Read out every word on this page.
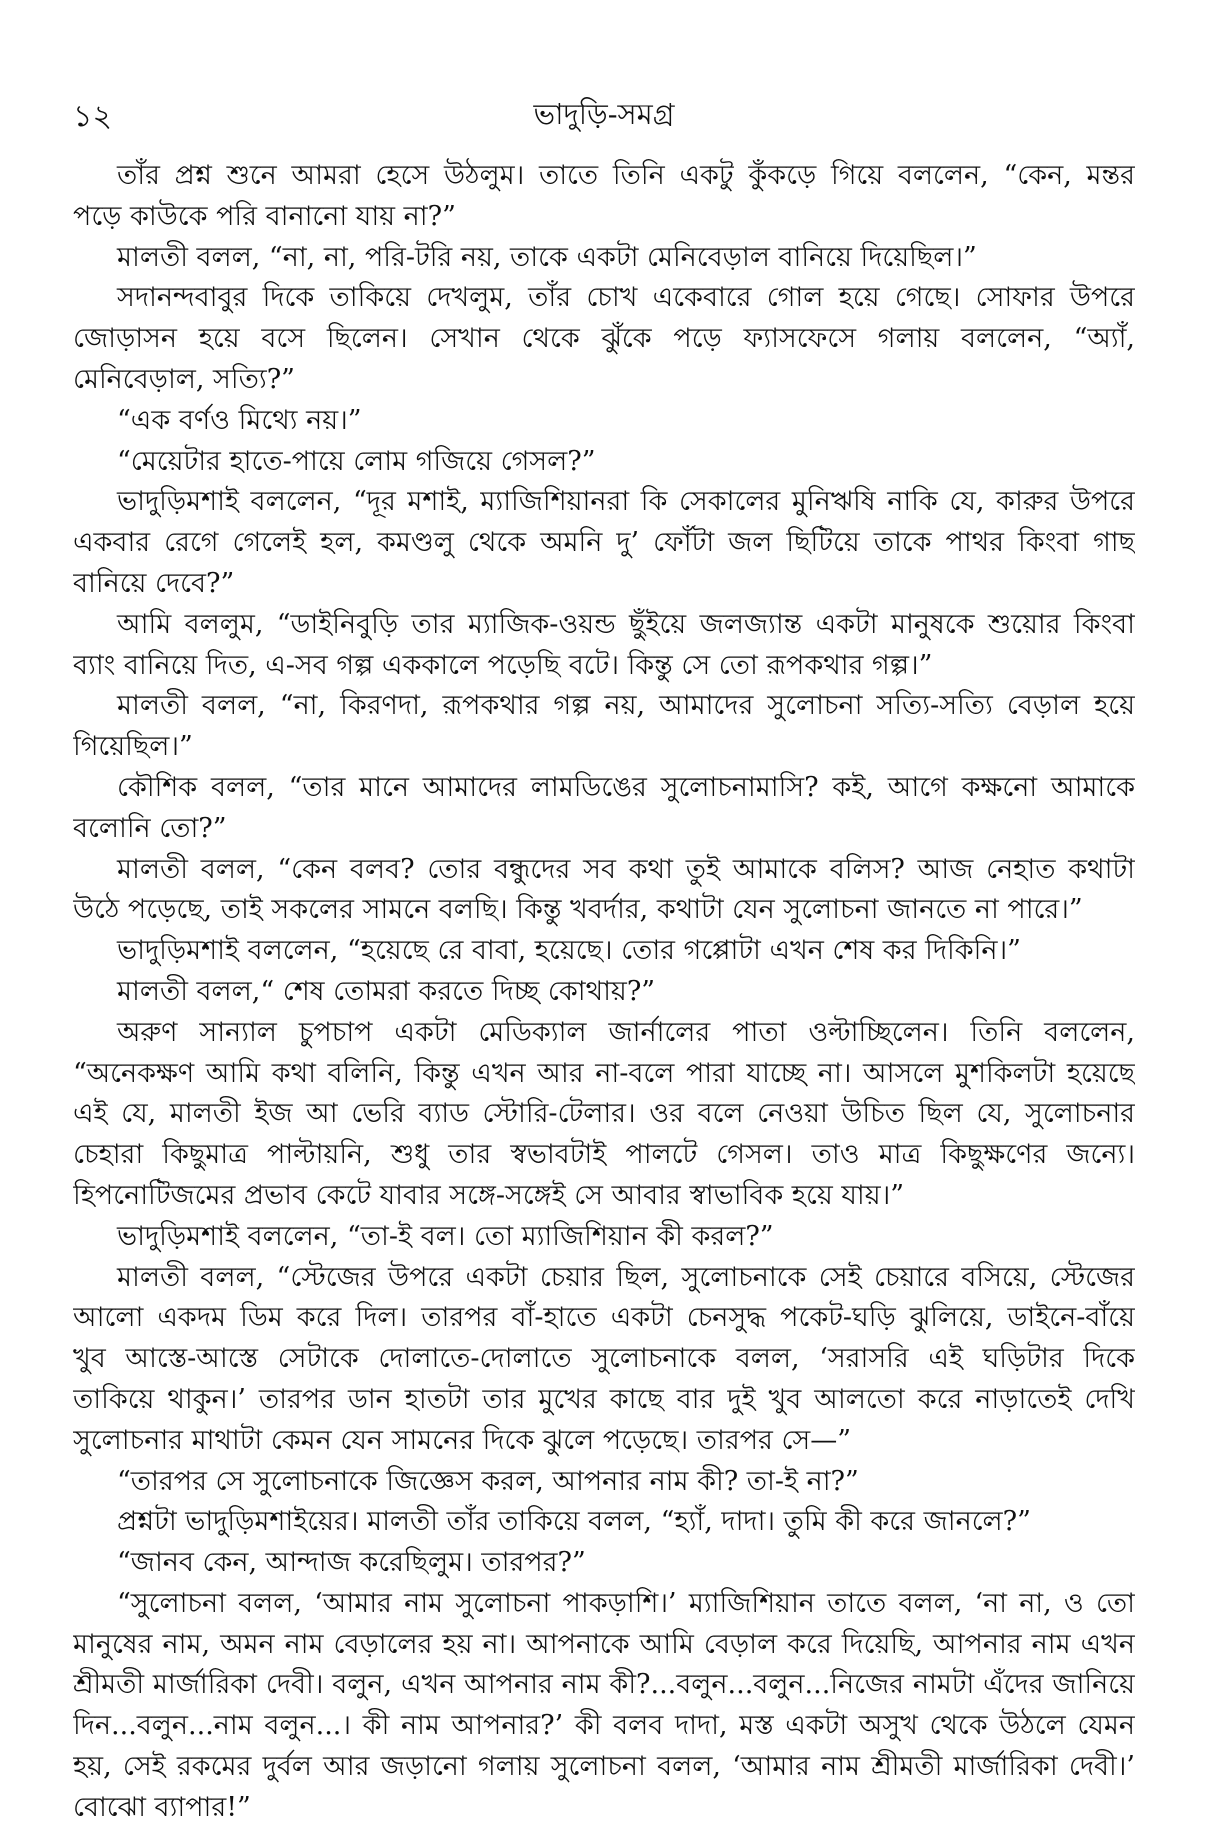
১২	ভাদুড়ি-সমগ্র
তাঁর প্রশ্ন শুনে আমরা হেসে উঠলুম। তাতে তিনি একটু কুঁকড়ে গিয়ে বললেন, “কেন, মন্তর
পড়ে কাউকে পরি বানানো যায় না?”
মালতী বলল, “না, না, পরি-টরি নয়, তাকে একটা মেনিবেড়াল বানিয়ে দিয়েছিল।”
সদানন্দবাবুর দিকে তাকিয়ে দেখলুম, তাঁর চোখ একেবারে গোল হয়ে গেছে। সোফার উপরে
জোড়াসন হয়ে বসে ছিলেন। সেখান থেকে ঝুঁকে পড়ে ফ্যাসফেসে গলায় বললেন, “অ্যাঁ,
মেনিবেড়াল, সত্যি?”
“এক বর্ণও মিথ্যে নয়।”
“মেয়েটার হাতে-পায়ে লোম গজিয়ে গেসল?”
ভাদুড়িমশাই বললেন, “দূর মশাই, ম্যাজিশিয়ানরা কি সেকালের মুনিঋষি নাকি যে, কারুর উপরে
একবার রেগে গেলেই হল, কমণ্ডলু থেকে অমনি দু’ ফোঁটা জল ছিটিয়ে তাকে পাথর কিংবা গাছ
বানিয়ে দেবে?”
আমি বললুম, “ডাইনিবুড়ি তার ম্যাজিক-ওয়ন্ড ছুঁইয়ে জলজ্যান্ত একটা মানুষকে শুয়োর কিংবা
ব্যাং বানিয়ে দিত, এ-সব গল্প এককালে পড়েছি বটে। কিন্তু সে তো রূপকথার গল্প।”
মালতী বলল, “না, কিরণদা, রূপকথার গল্প নয়, আমাদের সুলোচনা সত্যি-সত্যি বেড়াল হয়ে
গিয়েছিল।”
কৌশিক বলল, “তার মানে আমাদের লামডিঙের সুলোচনামাসি? কই, আগে কক্ষনো আমাকে
বলোনি তো?”
মালতী বলল, “কেন বলব? তোর বন্ধুদের সব কথা তুই আমাকে বলিস? আজ নেহাত কথাটা
উঠে পড়েছে, তাই সকলের সামনে বলছি। কিন্তু খবর্দার, কথাটা যেন সুলোচনা জানতে না পারে।”
ভাদুড়িমশাই বললেন, “হয়েছে রে বাবা, হয়েছে। তোর গপ্পোটা এখন শেষ কর দিকিনি।”
মালতী বলল,“ শেষ তোমরা করতে দিচ্ছ কোথায়?”
অরুণ সান্যাল চুপচাপ একটা মেডিক্যাল জার্নালের পাতা ওল্টাচ্ছিলেন। তিনি বললেন,
“অনেকক্ষণ আমি কথা বলিনি, কিন্তু এখন আর না-বলে পারা যাচ্ছে না। আসলে মুশকিলটা হয়েছে
এই যে, মালতী ইজ আ ভেরি ব্যাড স্টোরি-টেলার। ওর বলে নেওয়া উচিত ছিল যে, সুলোচনার
চেহারা কিছুমাত্র পাল্টায়নি, শুধু তার স্বভাবটাই পালটে গেসল। তাও মাত্র কিছুক্ষণের জন্যে।
হিপনোটিজমের প্রভাব কেটে যাবার সঙ্গে-সঙ্গেই সে আবার স্বাভাবিক হয়ে যায়।”
ভাদুড়িমশাই বললেন, “তা-ই বল। তো ম্যাজিশিয়ান কী করল?”
মালতী বলল, “স্টেজের উপরে একটা চেয়ার ছিল, সুলোচনাকে সেই চেয়ারে বসিয়ে, স্টেজের
আলো একদম ডিম করে দিল। তারপর বাঁ-হাতে একটা চেনসুদ্ধ পকেট-ঘড়ি ঝুলিয়ে, ডাইনে-বাঁয়ে
খুব আস্তে-আস্তে সেটাকে দোলাতে-দোলাতে সুলোচনাকে বলল, ‘সরাসরি এই ঘড়িটার দিকে
তাকিয়ে থাকুন।’ তারপর ডান হাতটা তার মুখের কাছে বার দুই খুব আলতো করে নাড়াতেই দেখি
সুলোচনার মাথাটা কেমন যেন সামনের দিকে ঝুলে পড়েছে। তারপর সে—”
“তারপর সে সুলোচনাকে জিজ্ঞেস করল, আপনার নাম কী? তা-ই না?”
প্রশ্নটা ভাদুড়িমশাইয়ের। মালতী তাঁর তাকিয়ে বলল, “হ্যাঁ, দাদা। তুমি কী করে জানলে?”
“জানব কেন, আন্দাজ করেছিলুম। তারপর?”
“সুলোচনা বলল, ‘আমার নাম সুলোচনা পাকড়াশি।’ ম্যাজিশিয়ান তাতে বলল, ‘না না, ও তো
মানুষের নাম, অমন নাম বেড়ালের হয় না। আপনাকে আমি বেড়াল করে দিয়েছি, আপনার নাম এখন
শ্রীমতী মার্জারিকা দেবী। বলুন, এখন আপনার নাম কী?...বলুন...বলুন...নিজের নামটা এঁদের জানিয়ে
দিন...বলুন...নাম বলুন...। কী নাম আপনার?’ কী বলব দাদা, মস্ত একটা অসুখ থেকে উঠলে যেমন
হয়, সেই রকমের দুর্বল আর জড়ানো গলায় সুলোচনা বলল, ‘আমার নাম শ্রীমতী মার্জারিকা দেবী।’
বোঝো ব্যাপার!”
